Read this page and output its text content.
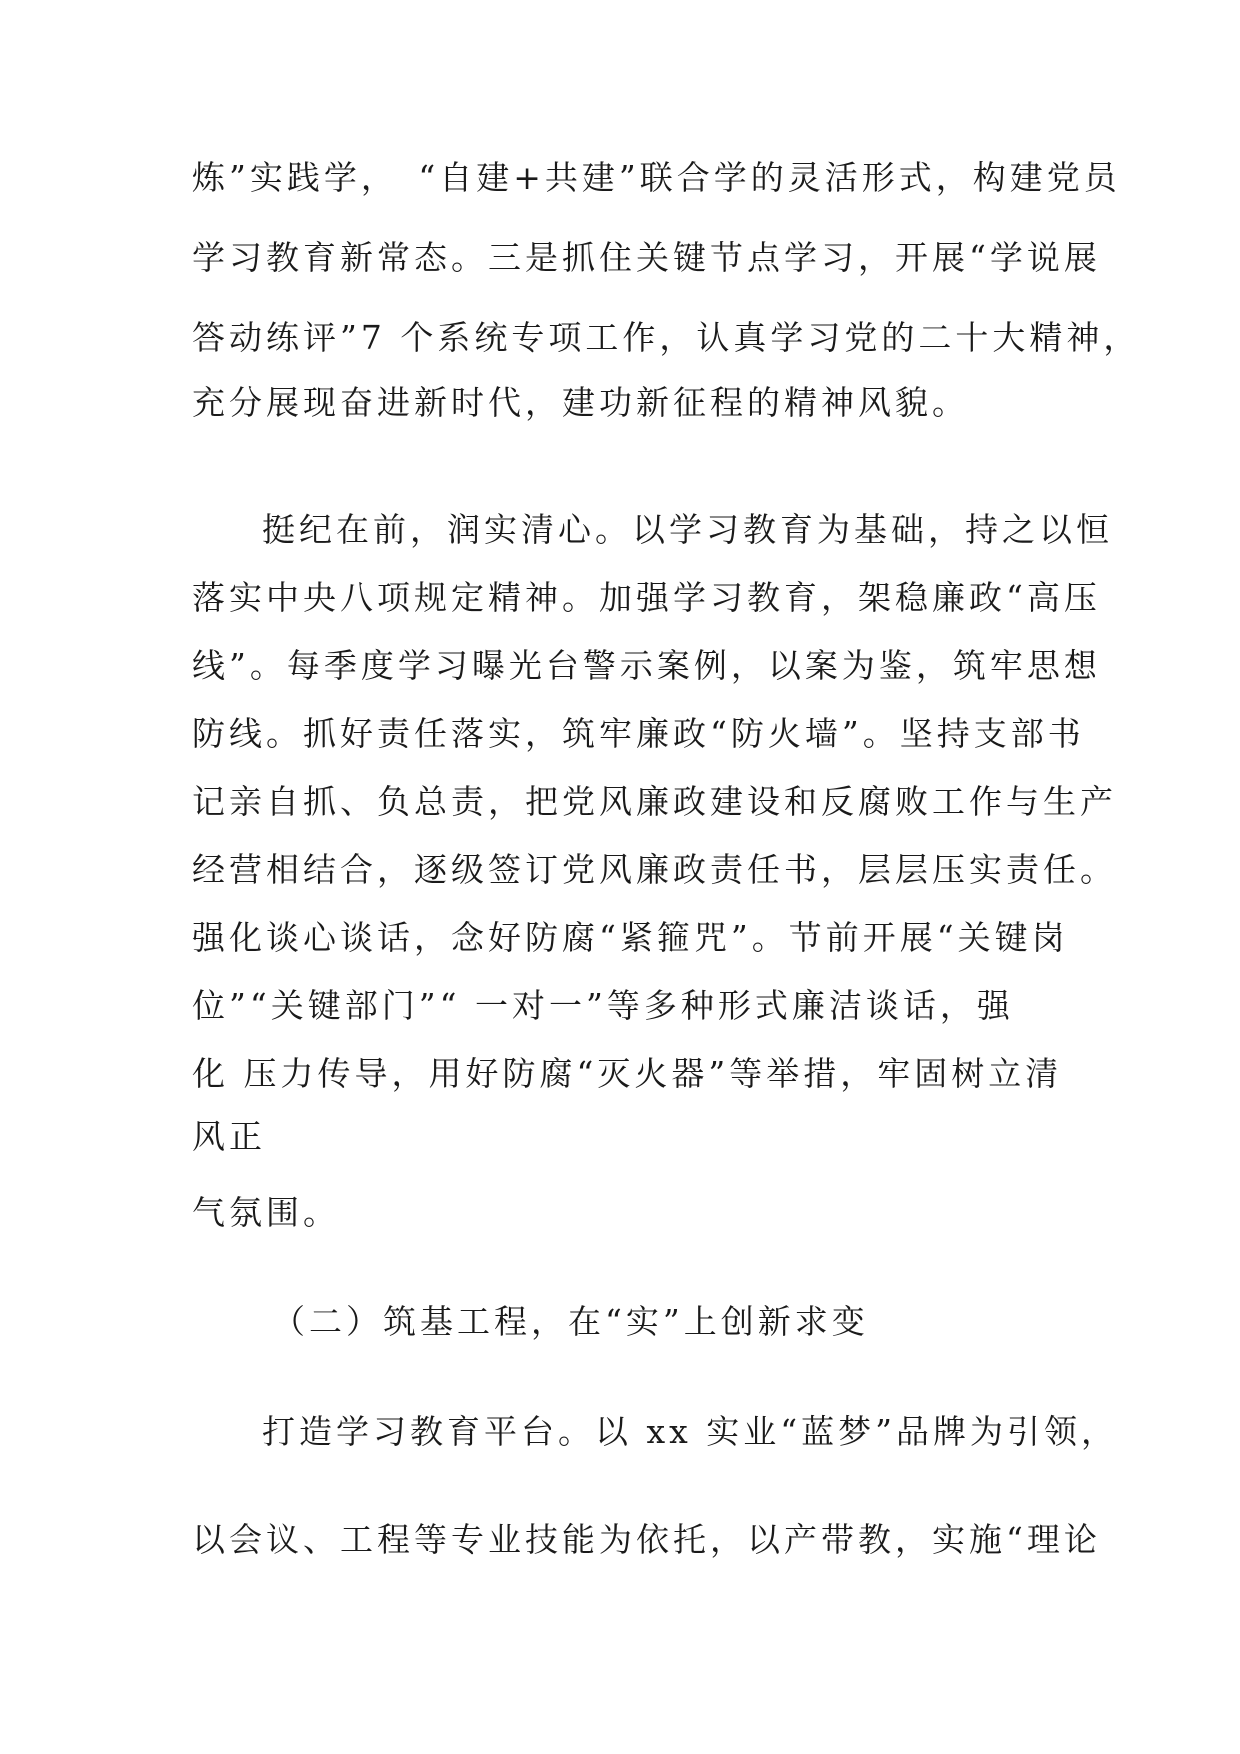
炼”实践学，　“自建+共建”联合学的灵活形式，构建党员
学习教育新常态。三是抓住关键节点学习，开展“学说展
答动练评”7 个系统专项工作，认真学习党的二十大精神，
充分展现奋进新时代，建功新征程的精神风貌。
挺纪在前，润实清心。以学习教育为基础，持之以恒
落实中央八项规定精神。加强学习教育，架稳廉政“高压
线”。每季度学习曝光台警示案例，以案为鉴，筑牢思想
防线。抓好责任落实，筑牢廉政“防火墙”。坚持支部书
记亲自抓、负总责，把党风廉政建设和反腐败工作与生产
经营相结合，逐级签订党风廉政责任书，层层压实责任。
强化谈心谈话，念好防腐“紧箍咒”。节前开展“关键岗
位”“关键部门”“ 一对一”等多种形式廉洁谈话，强
化 压力传导，用好防腐“灭火器”等举措，牢固树立清
风正
气氛围。
（二）筑基工程，在“实”上创新求变
打造学习教育平台。以 xx 实业“蓝梦”品牌为引领，
以会议、工程等专业技能为依托，以产带教，实施“理论
